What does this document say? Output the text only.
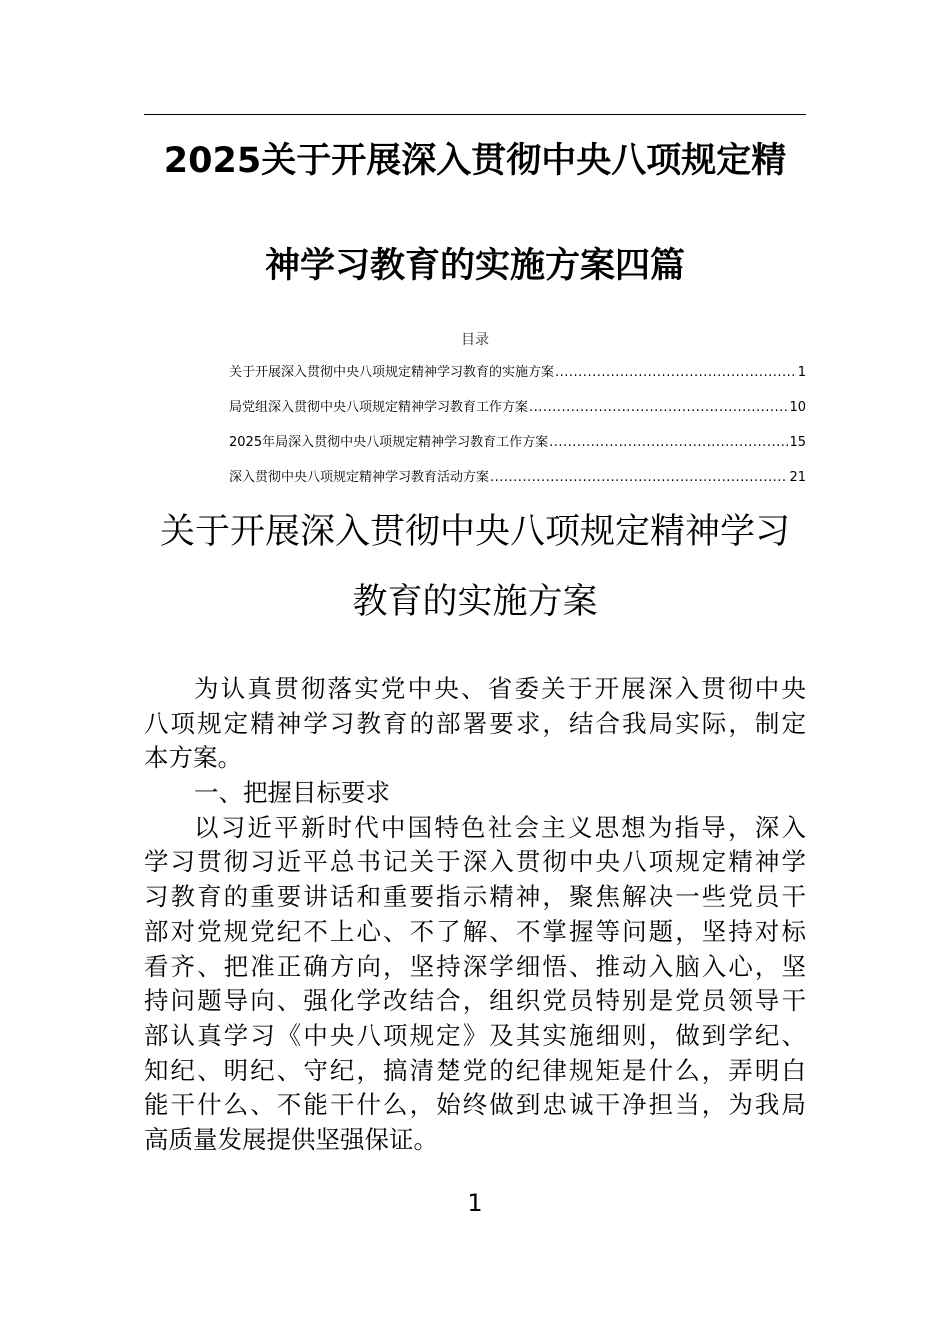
2025关于开展深入贯彻中央八项规定精
神学习教育的实施方案四篇
目录
关于开展深入贯彻中央八项规定精神学习教育的实施方案 .....	1
局党组深入贯彻中央八项规定精神学习教育工作方案 .....	10
2025年局深入贯彻中央八项规定精神学习教育工作方案 .....	15
深入贯彻中央八项规定精神学习教育活动方案 .....	21
关于开展深入贯彻中央八项规定精神学习
教育的实施方案
为认真贯彻落实党中央、省委关于开展深入贯彻中央
八项规定精神学习教育的部署要求，结合我局实际，制定
本方案。
一、把握目标要求
以习近平新时代中国特色社会主义思想为指导，深入
学习贯彻习近平总书记关于深入贯彻中央八项规定精神学
习教育的重要讲话和重要指示精神，聚焦解决一些党员干
部对党规党纪不上心、不了解、不掌握等问题，坚持对标
看齐、把准正确方向，坚持深学细悟、推动入脑入心，坚
持问题导向、强化学改结合，组织党员特别是党员领导干
部认真学习《中央八项规定》及其实施细则，做到学纪、
知纪、明纪、守纪，搞清楚党的纪律规矩是什么，弄明白
能干什么、不能干什么，始终做到忠诚干净担当，为我局
高质量发展提供坚强保证。
1
